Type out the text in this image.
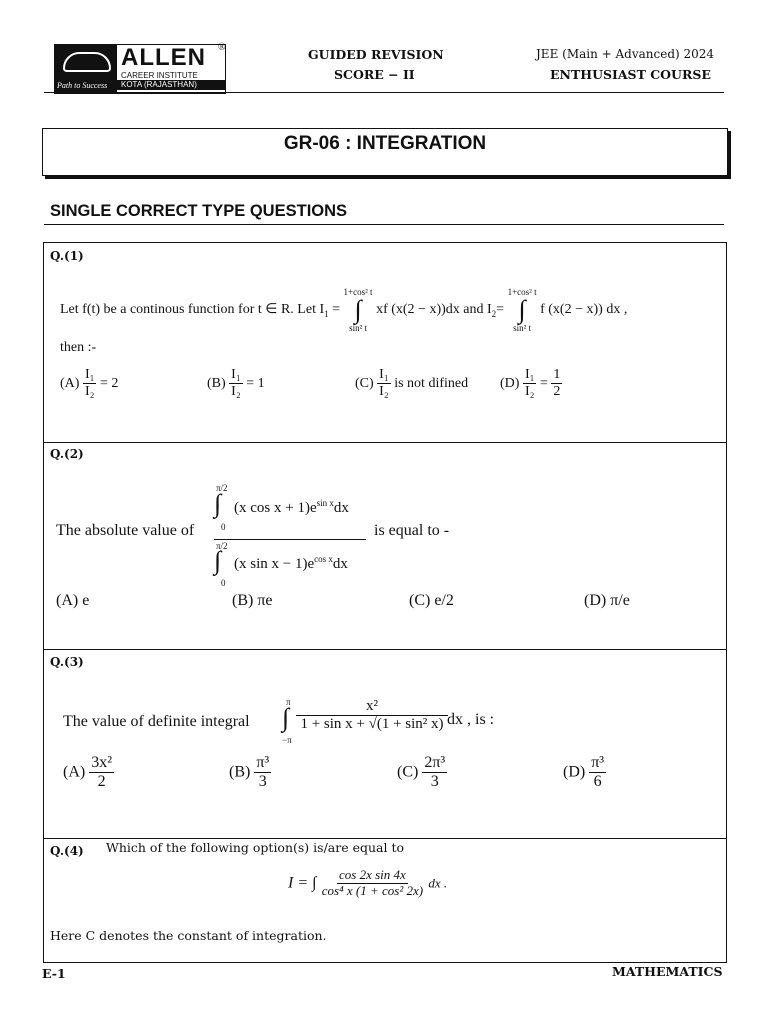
Path to Success
ALLEN
CAREER INSTITUTE
KOTA (RAJASTHAN)
®	GUIDED REVISION
SCORE − II
JEE (Main + Advanced) 2024
ENTHUSIAST COURSE
GR-06 : INTEGRATION
SINGLE CORRECT TYPE QUESTIONS
Q.(1)
Let f(t) be a continous function for t ∈ R. Let $I_1$ =
1+cos² t
∫
sin² t
xf (x(2 − x))dx and $I_2=$
1+cos² t
∫
sin² t
f (x(2 − x)) dx ,
then :-
$(A) \frac{\text{I₁}}{\text{I₂}} = 2$	$(B) \frac{\text{I₁}}{\text{I₂}} = 1$	$(C) \frac{\text{I₁}}{\text{I₂}}$ is not difined $(D) \frac{\text{I₁}}{\text{I₂}} = \frac{1}{2}$
Q.(2)
The absolute value of
π/2
∫
0
(x $\cos x + 1)e^{sin x}dx$
π/2
∫
0
(x $\sin x - 1)e^{cos x}dx$
is equal to -
(A) e	(B) πe	(C) e/2	(D) π/e
Q.(3)
The value of definite integral
π
∫
−π
$\frac{\text{x²}}{\text{1 + sin x + √(1 + sin² x)}}$ dx , is :
$(A) \frac{\text{3x²}}{2}$	$(B) \frac{\text{π³}}{3}$	$(C) \frac{\text{2π³}}{3}$	$(D) \frac{\text{π³}}{6}$
Q.(4) Which of the following option(s) is/are equal to
I = ∫ $\frac{\text{cos 2x sin 4x}}{\text{cos⁴ x (1 + cos² 2x)}}$ dx .
Here C denotes the constant of integration.
E-1	MATHEMATICS
